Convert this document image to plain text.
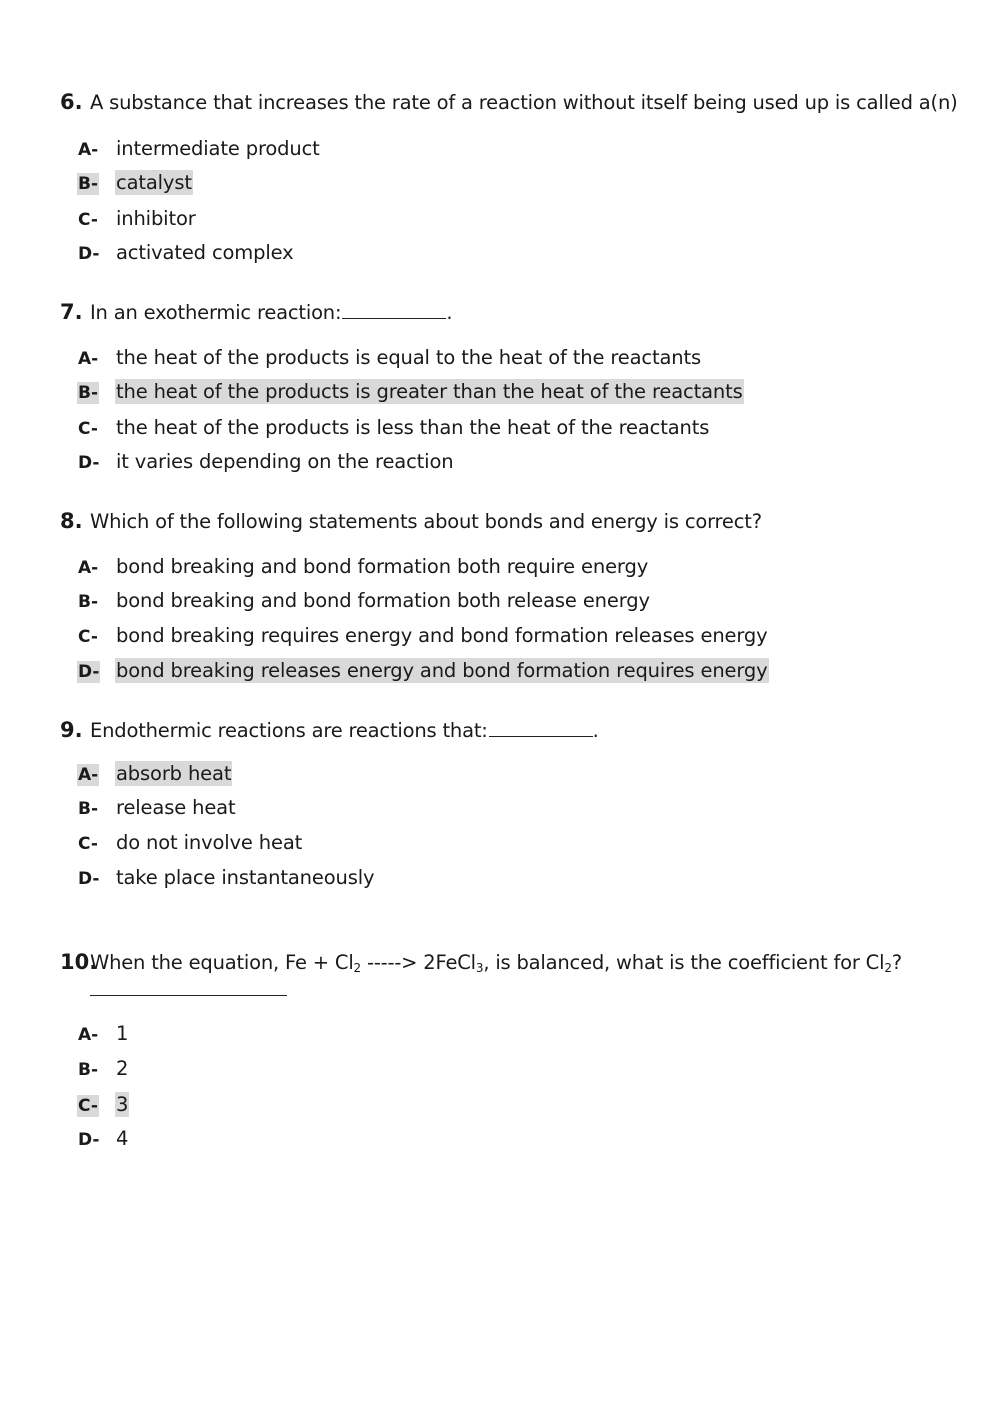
6. A substance that increases the rate of a reaction without itself being used up is called a(n)
A- intermediate product
B- catalyst
C- inhibitor
D- activated complex
7. In an exothermic reaction:	.
A- the heat of the products is equal to the heat of the reactants
B- the heat of the products is greater than the heat of the reactants
C- the heat of the products is less than the heat of the reactants
D- it varies depending on the reaction
8. Which of the following statements about bonds and energy is correct?
A- bond breaking and bond formation both require energy
B- bond breaking and bond formation both release energy
C- bond breaking requires energy and bond formation releases energy
D- bond breaking releases energy and bond formation requires energy
9. Endothermic reactions are reactions that:	.
A- absorb heat
B- release heat
C- do not involve heat
D- take place instantaneously
10.
When the equation, $Fe + Cl_2$ -----> 2FeCl$_3$, is balanced, what is the coefficient for $Cl_2$?
A- 1
B- 2
C- 3
D- 4
